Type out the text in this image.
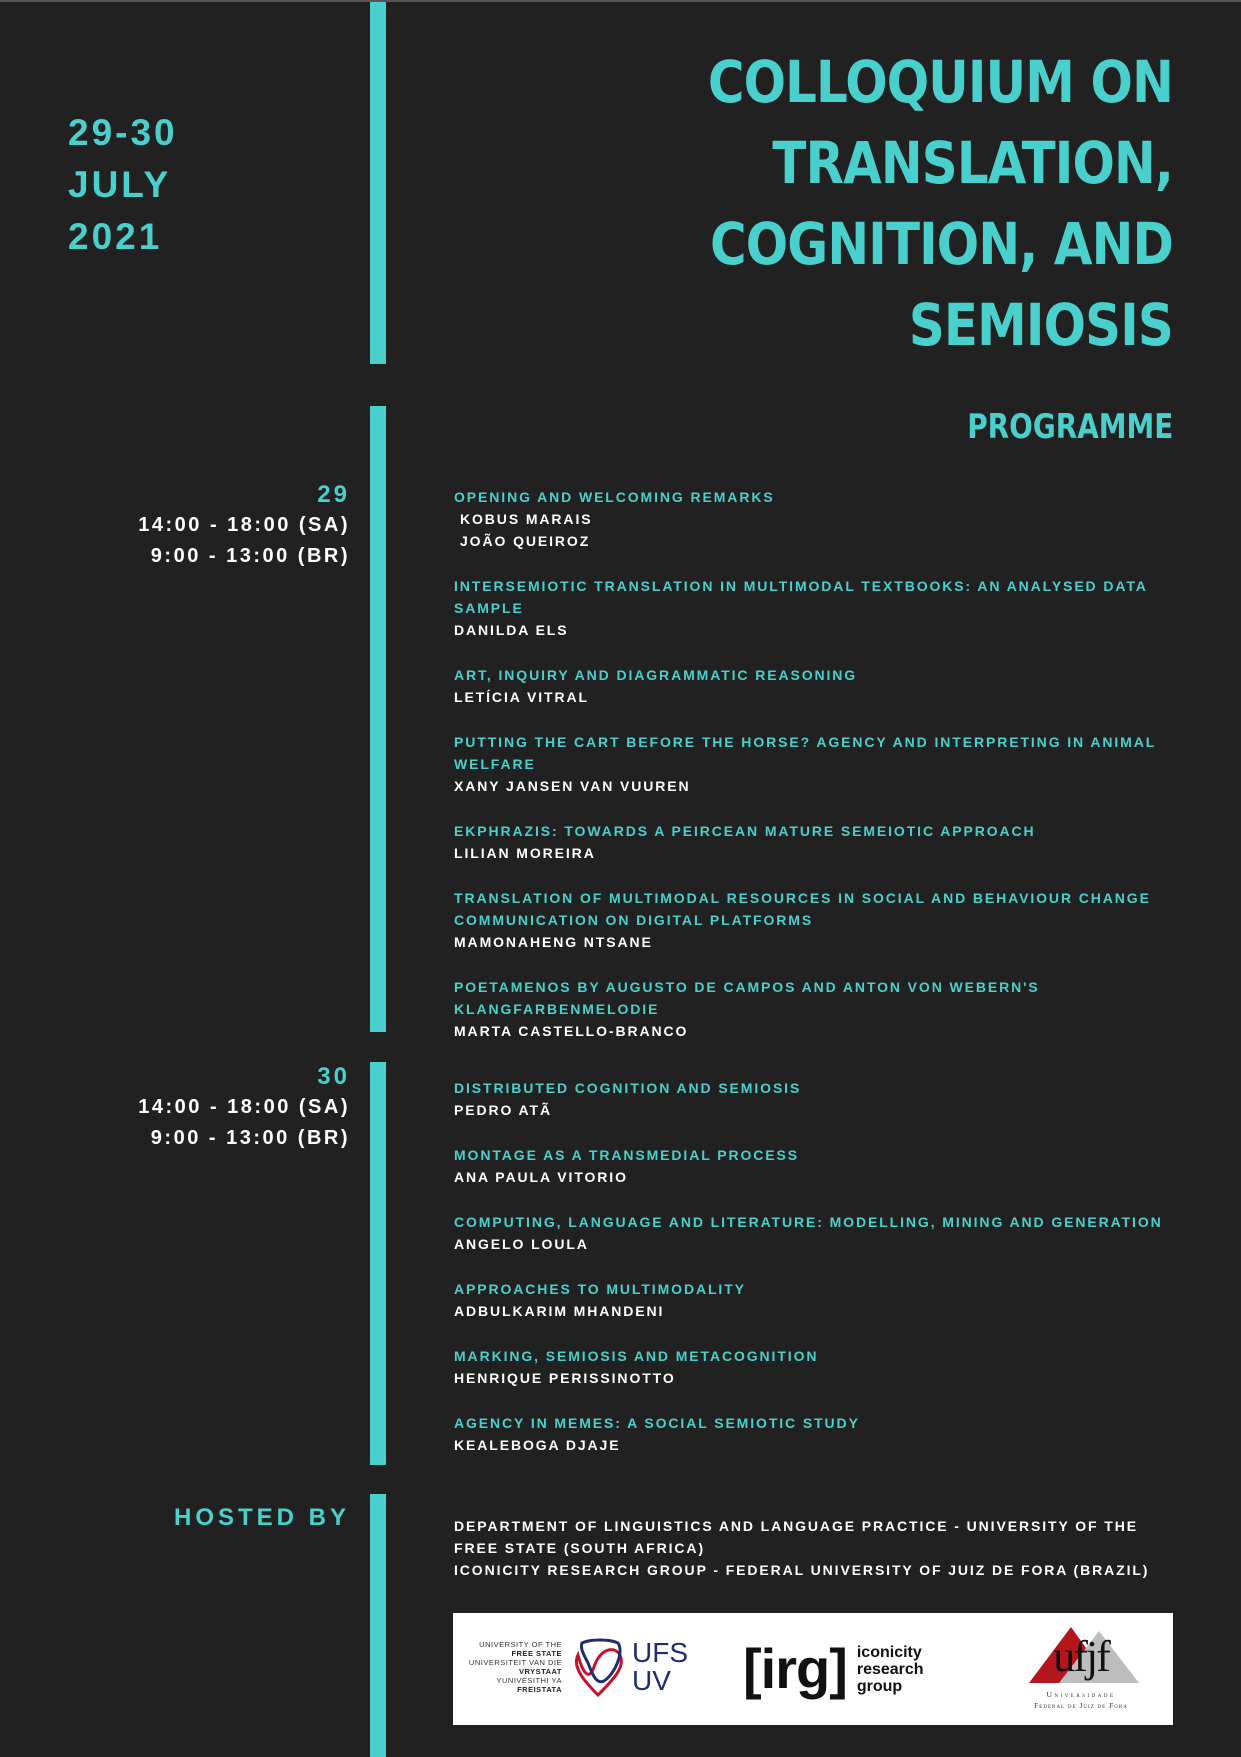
29-30
JULY
2021
COLLOQUIUM ON
TRANSLATION,
COGNITION, AND
SEMIOSIS
PROGRAMME
29
14:00 - 18:00 (SA)
9:00 - 13:00 (BR)
OPENING AND WELCOMING REMARKS
KOBUS MARAIS
JOÃO QUEIROZ
INTERSEMIOTIC TRANSLATION IN MULTIMODAL TEXTBOOKS: AN ANALYSED DATA SAMPLE
DANILDA ELS
ART, INQUIRY AND DIAGRAMMATIC REASONING
LETÍCIA VITRAL
PUTTING THE CART BEFORE THE HORSE? AGENCY AND INTERPRETING IN ANIMAL WELFARE
XANY JANSEN VAN VUUREN
EKPHRAZIS: TOWARDS A PEIRCEAN MATURE SEMEIOTIC APPROACH
LILIAN MOREIRA
TRANSLATION OF MULTIMODAL RESOURCES IN SOCIAL AND BEHAVIOUR CHANGE COMMUNICATION ON DIGITAL PLATFORMS
MAMONAHENG NTSANE
POETAMENOS BY AUGUSTO DE CAMPOS AND ANTON VON WEBERN'S KLANGFARBENMELODIE
MARTA CASTELLO-BRANCO
30
14:00 - 18:00 (SA)
9:00 - 13:00 (BR)
DISTRIBUTED COGNITION AND SEMIOSIS
PEDRO ATÃ
MONTAGE AS A TRANSMEDIAL PROCESS
ANA PAULA VITORIO
COMPUTING, LANGUAGE AND LITERATURE: MODELLING, MINING AND GENERATION
ANGELO LOULA
APPROACHES TO MULTIMODALITY
ADBULKARIM MHANDENI
MARKING, SEMIOSIS AND METACOGNITION
HENRIQUE PERISSINOTTO
AGENCY IN MEMES: A SOCIAL SEMIOTIC STUDY
KEALEBOGA DJAJE
HOSTED BY	DEPARTMENT OF LINGUISTICS AND LANGUAGE PRACTICE - UNIVERSITY OF THE FREE STATE (SOUTH AFRICA)
ICONICITY RESEARCH GROUP - FEDERAL UNIVERSITY OF JUIZ DE FORA (BRAZIL)
UNIVERSITY OF THE
FREE STATE
UNIVERSITEIT VAN DIE
VRYSTAAT
YUNIVESITHI YA
FREISTATA
UFS
UV	[irg] iconicity
research
group
ufjf
Universidade
Federal de Juiz de Fora
